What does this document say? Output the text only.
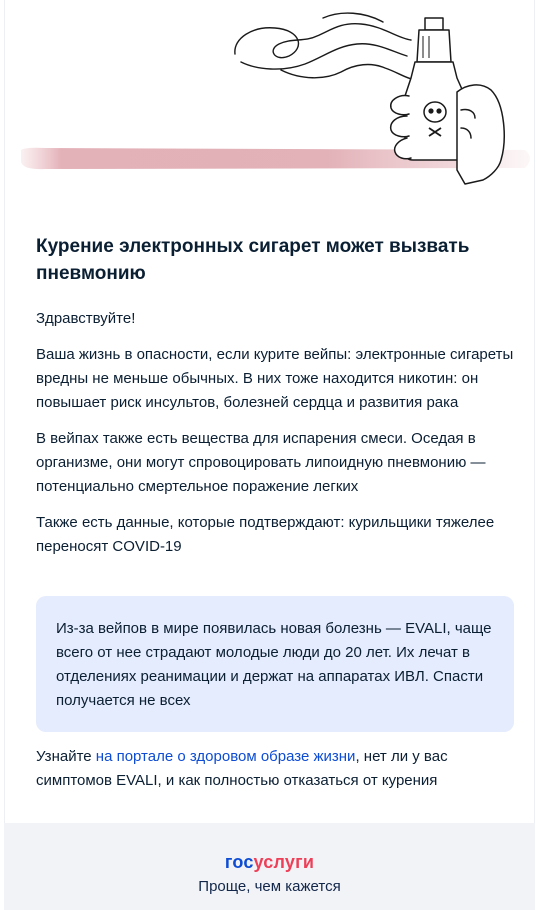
Курение электронных сигарет может вызвать пневмонию
Здравствуйте!
Ваша жизнь в опасности, если курите вейпы: электронные сигареты вредны не меньше обычных. В них тоже находится никотин: он повышает риск инсультов, болезней сердца и развития рака
В вейпах также есть вещества для испарения смеси. Оседая в организме, они могут спровоцировать липоидную пневмонию — потенциально смертельное поражение легких
Также есть данные, которые подтверждают: курильщики тяжелее переносят COVID-19
Из-за вейпов в мире появилась новая болезнь — EVALI, чаще всего от нее страдают молодые люди до 20 лет. Их лечат в отделениях реанимации и держат на аппаратах ИВЛ. Спасти получается не всех
Узнайте на портале о здоровом образе жизни, нет ли у вас симптомов EVALI, и как полностью отказаться от курения
госуслуги
Проще, чем кажется
